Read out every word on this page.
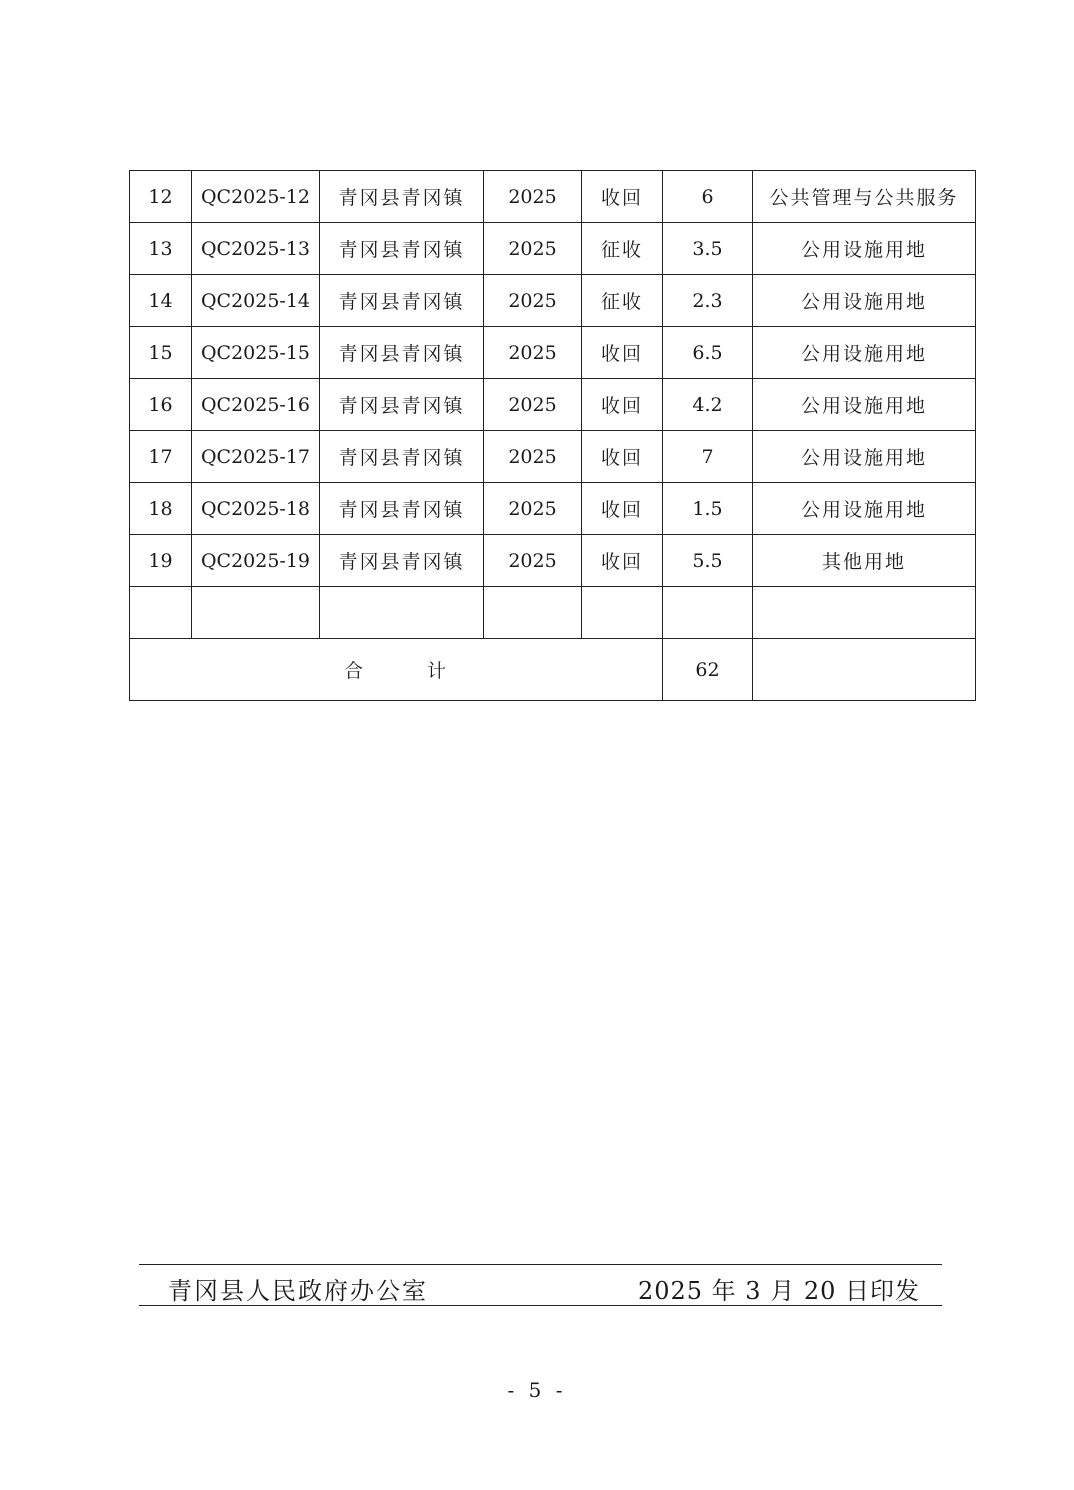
12	QC2025-12	青冈县青冈镇	2025	收回	6	公共管理与公共服务
13	QC2025-13	青冈县青冈镇	2025	征收	3.5	公用设施用地
14	QC2025-14	青冈县青冈镇	2025	征收	2.3	公用设施用地
15	QC2025-15	青冈县青冈镇	2025	收回	6.5	公用设施用地
16	QC2025-16	青冈县青冈镇	2025	收回	4.2	公用设施用地
17	QC2025-17	青冈县青冈镇	2025	收回	7	公用设施用地
18	QC2025-18	青冈县青冈镇	2025	收回	1.5	公用设施用地
19	QC2025-19	青冈县青冈镇	2025	收回	5.5	其他用地

合 计					62	
青冈县人民政府办公室	2025 年 3 月 20 日印发
- 5 -
